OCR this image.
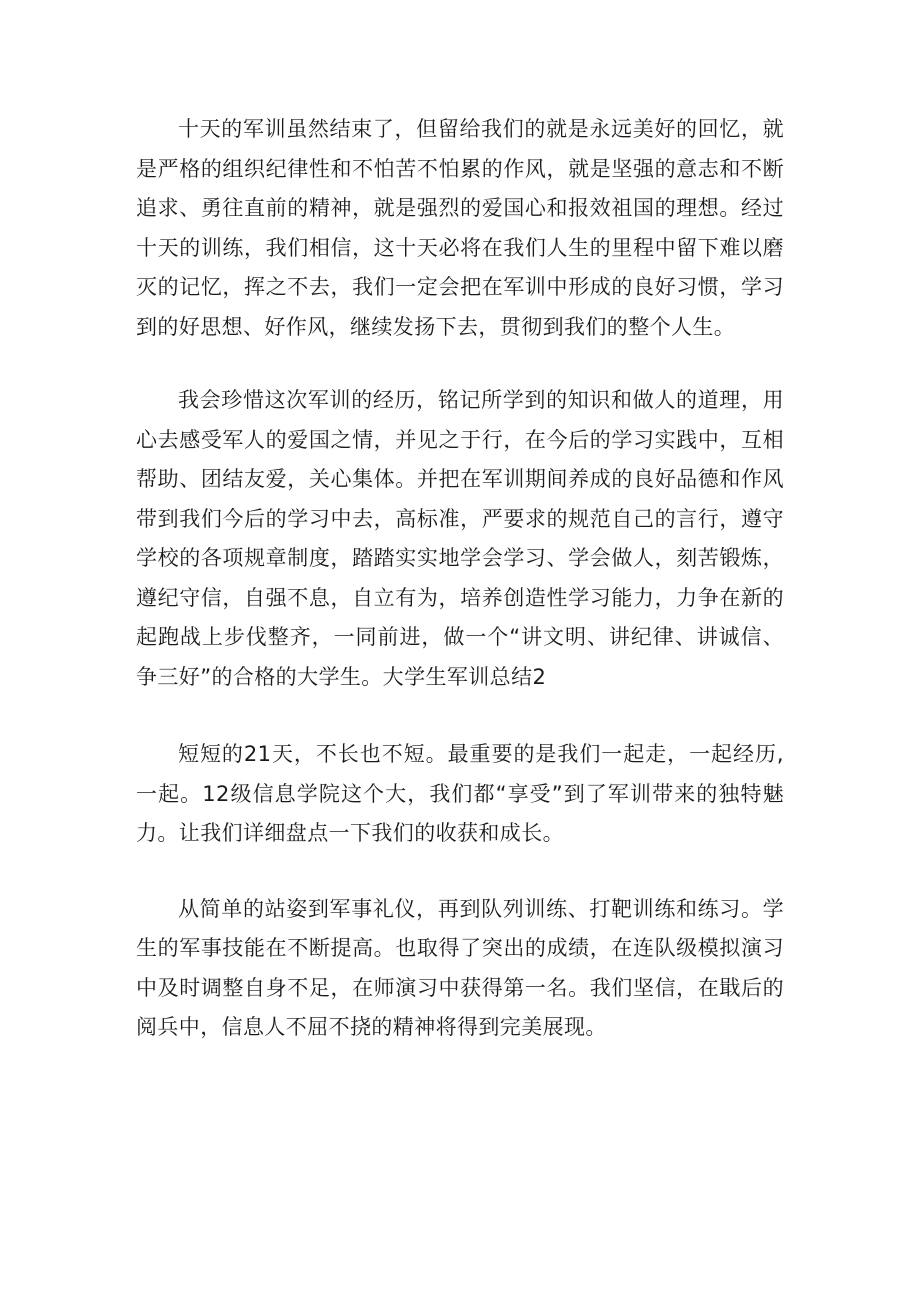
十天的军训虽然结束了，但留给我们的就是永远美好的回忆，就是严格的组织纪律性和不怕苦不怕累的作风，就是坚强的意志和不断追求、勇往直前的精神，就是强烈的爱国心和报效祖国的理想。经过十天的训练，我们相信，这十天必将在我们人生的里程中留下难以磨灭的记忆，挥之不去，我们一定会把在军训中形成的良好习惯，学习到的好思想、好作风，继续发扬下去，贯彻到我们的整个人生。

我会珍惜这次军训的经历，铭记所学到的知识和做人的道理，用心去感受军人的爱国之情，并见之于行，在今后的学习实践中，互相帮助、团结友爱，关心集体。并把在军训期间养成的良好品德和作风带到我们今后的学习中去，高标准，严要求的规范自己的言行，遵守学校的各项规章制度，踏踏实实地学会学习、学会做人，刻苦锻炼，遵纪守信，自强不息，自立有为，培养创造性学习能力，力争在新的起跑战上步伐整齐，一同前进，做一个“讲文明、讲纪律、讲诚信、争三好”的合格的大学生。大学生军训总结2

短短的21天，不长也不短。最重要的是我们一起走，一起经历,一起。12级信息学院这个大，我们都“享受”到了军训带来的独特魅力。让我们详细盘点一下我们的收获和成长。

从简单的站姿到军事礼仪，再到队列训练、打靶训练和练习。学生的军事技能在不断提高。也取得了突出的成绩，在连队级模拟演习中及时调整自身不足，在师演习中获得第一名。我们坚信，在戢后的阅兵中，信息人不屈不挠的精神将得到完美展现。
